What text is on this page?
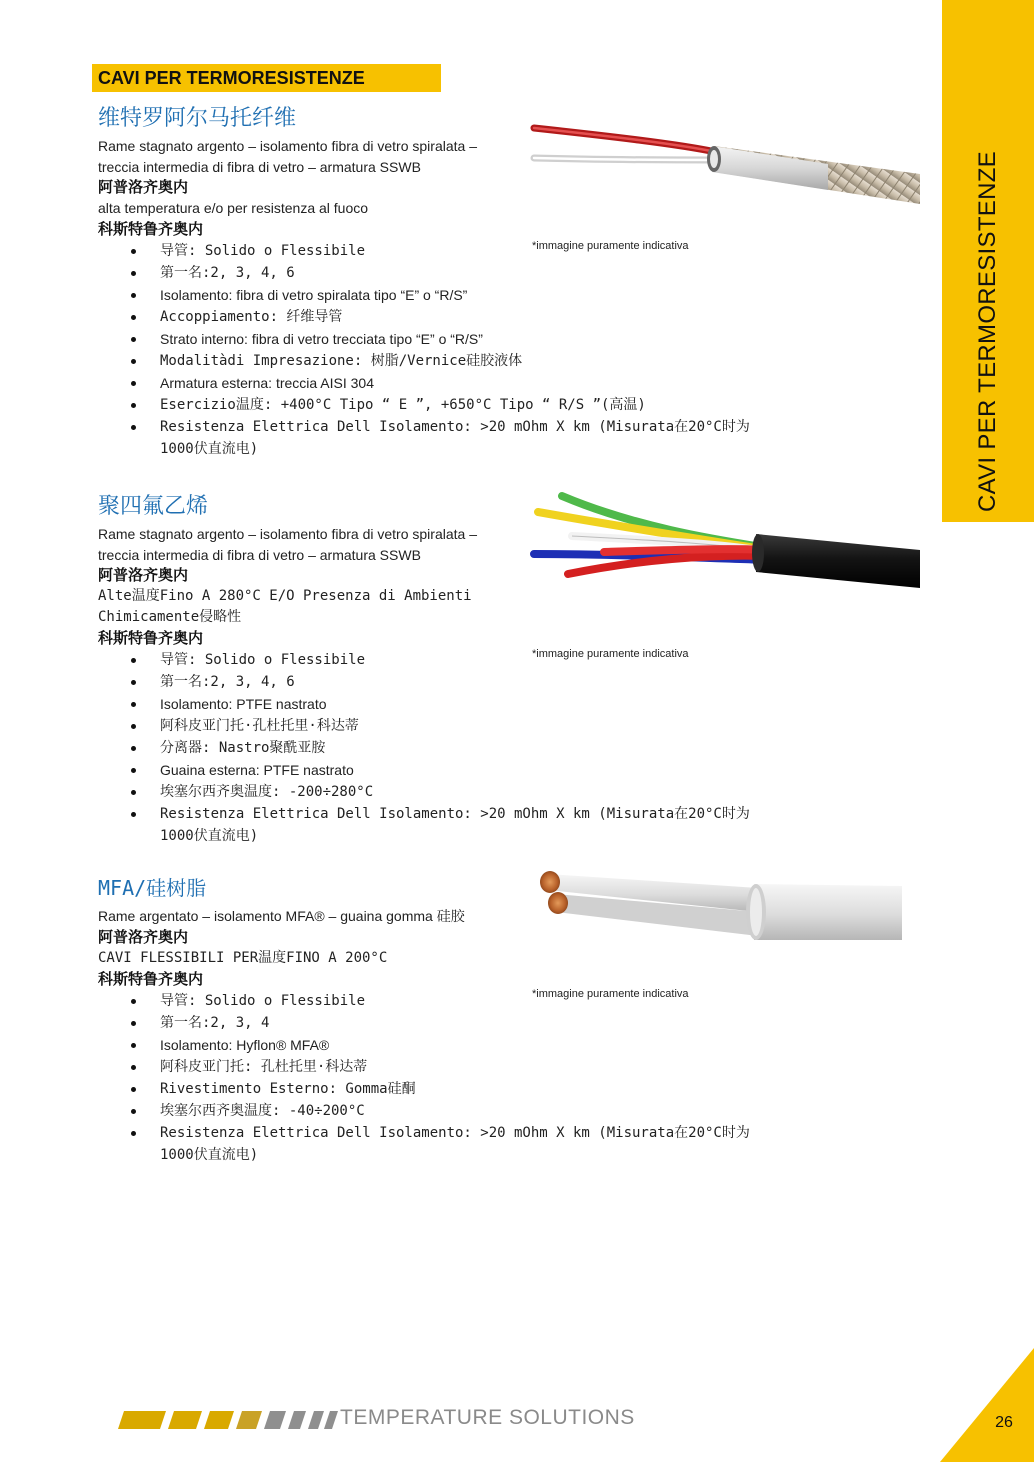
CAVI PER TERMORESISTENZE
CAVI PER TERMORESISTENZE
维特罗阿尔马托纤维
Rame stagnato argento – isolamento fibra di vetro spiralata – treccia intermedia di fibra di vetro – armatura SSWB
阿普洛齐奥内
alta temperatura e/o per resistenza al fuoco
科斯特鲁齐奥内
导管: Solido o Flessibile
第一名:2, 3, 4, 6
Isolamento: fibra di vetro spiralata tipo “E” o “R/S”
Accoppiamento: 纤维导管
Strato interno: fibra di vetro trecciata tipo “E” o “R/S”
Modalitàdi Impresazione: 树脂/Vernice硅胶液体
Armatura esterna: treccia AISI 304
Esercizio温度: +400°C Tipo “ E ”, +650°C Tipo “ R/S ”(高温)
Resistenza Elettrica Dell Isolamento: >20 mOhm X km (Misurata在20°C时为1000伏直流电)
*immagine puramente indicativa
聚四氟乙烯
Rame stagnato argento – isolamento fibra di vetro spiralata – treccia intermedia di fibra di vetro – armatura SSWB
阿普洛齐奥内
Alte温度Fino A 280°C E/O Presenza di Ambienti Chimicamente侵略性
科斯特鲁齐奥内
导管: Solido o Flessibile
第一名:2, 3, 4, 6
Isolamento: PTFE nastrato
阿科皮亚门托·孔杜托里·科达蒂
分离器: Nastro聚酰亚胺
Guaina esterna: PTFE nastrato
埃塞尔西齐奥温度: -200÷280°C
Resistenza Elettrica Dell Isolamento: >20 mOhm X km (Misurata在20°C时为1000伏直流电)
*immagine puramente indicativa
MFA/硅树脂
Rame argentato – isolamento MFA® – guaina gomma 硅胶
阿普洛齐奥内
CAVI FLESSIBILI PER温度FINO A 200°C
科斯特鲁齐奥内
导管: Solido o Flessibile
第一名:2, 3, 4
Isolamento: Hyflon® MFA®
阿科皮亚门托: 孔杜托里·科达蒂
Rivestimento Esterno: Gomma硅酮
埃塞尔西齐奥温度: -40÷200°C
Resistenza Elettrica Dell Isolamento: >20 mOhm X km (Misurata在20°C时为1000伏直流电)
*immagine puramente indicativa
TEMPERATURE SOLUTIONS	26
